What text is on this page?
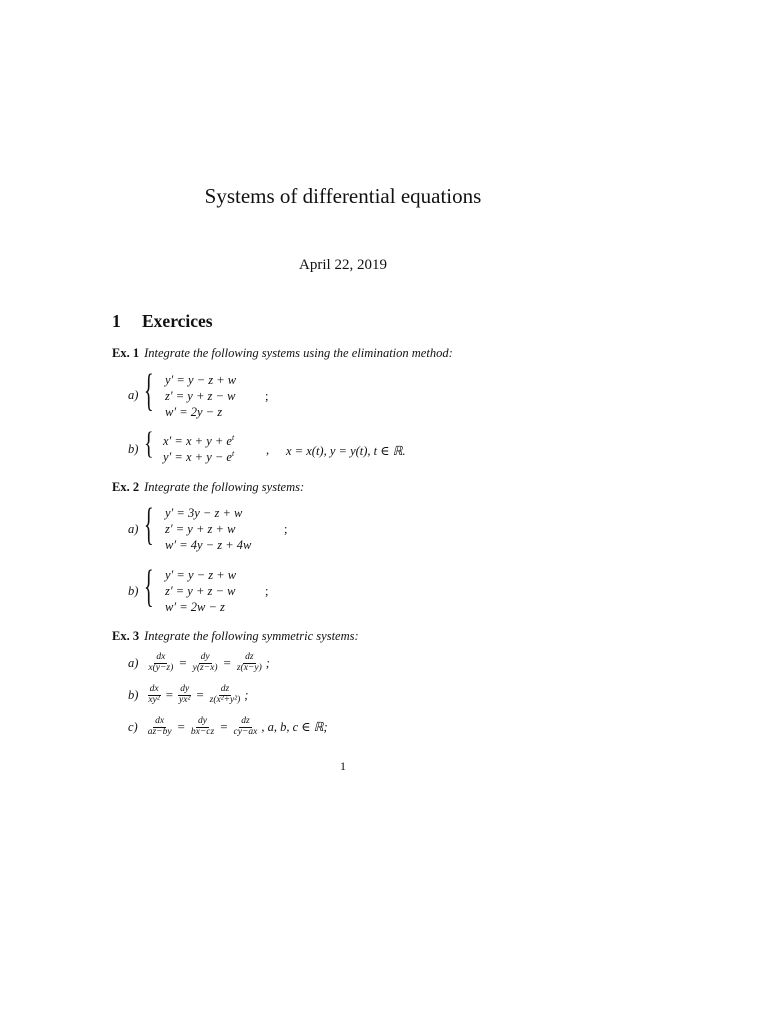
Systems of differential equations
April 22, 2019
1 Exercices
Ex. 1 Integrate the following systems using the elimination method:
a) { y′ = y − z + w
z′ = y + z − w
w′ = 2y − z
;
b) { $x' = x + y + e^t$
$y' = x + y - e^t$	, x = x(t), y = y(t), t ∈ ℝ.
Ex. 2 Integrate the following systems:
a) { y′ = 3y − z + w
z′ = y + z + w
w′ = 4y − z + 4w
;
b) { y′ = y − z + w
z′ = y + z − w
w′ = 2w − z
;
Ex. 3 Integrate the following symmetric systems:
$a) \frac{dx}{x(y-z)} = \frac{dy}{y(z-x)} = \frac{dz}{z(x-y)}$ ;
$b) \frac{dx}{\text{xy²}} = \frac{dy}{\text{yx²}} = \frac{dz}{\text{z(x²+y²)}}$ ;
$c) \frac{dx}{az-by} = \frac{dy}{bx-cz} = \frac{dz}{cy-ax}$ , a, b, c ∈ ℝ;
1
